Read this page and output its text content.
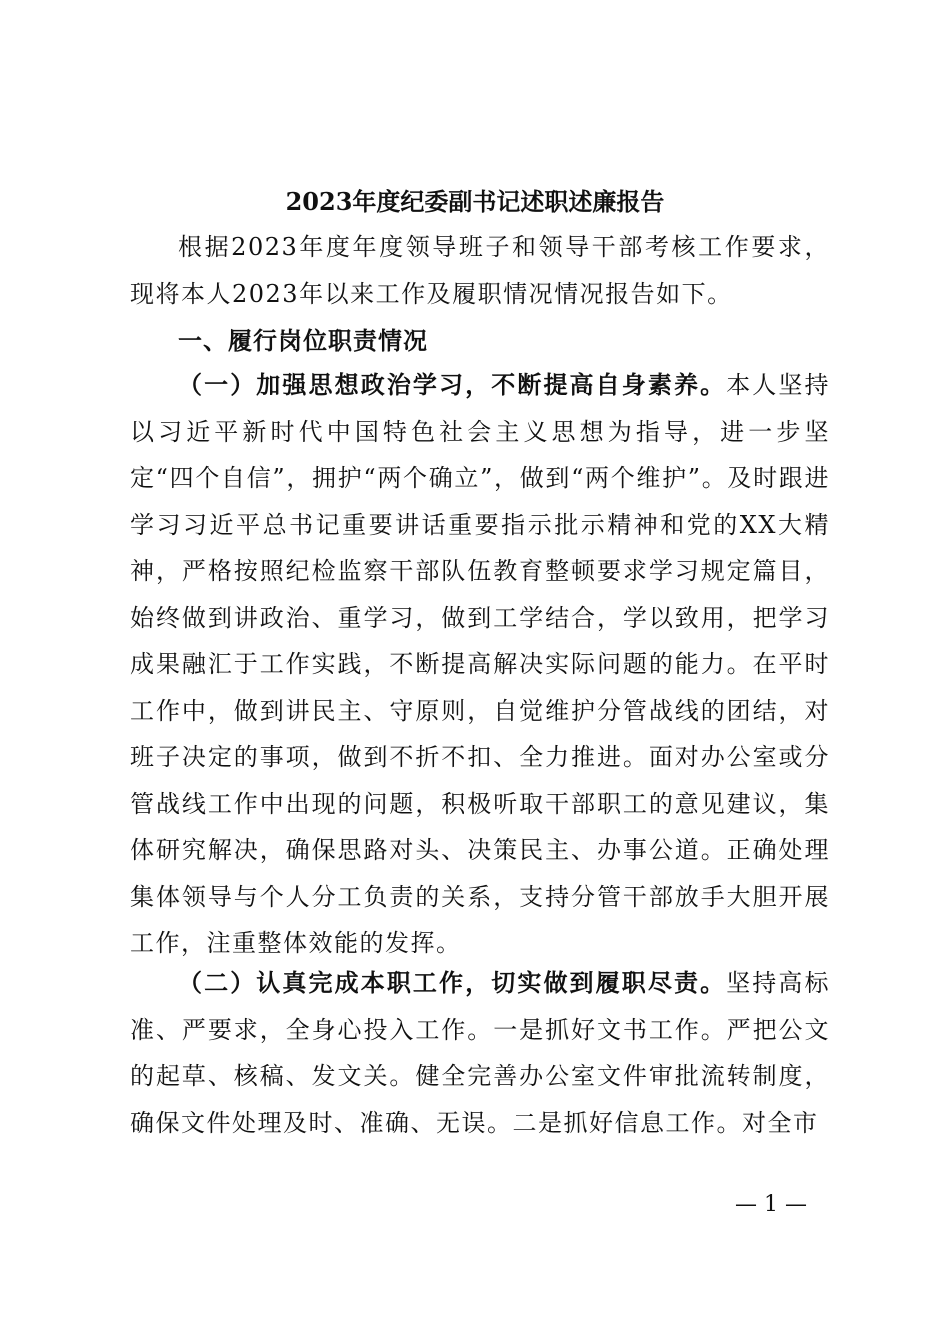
2023年度纪委副书记述职述廉报告

根据2023年度年度领导班子和领导干部考核工作要求，现将本人2023年以来工作及履职情况情况报告如下。

一、履行岗位职责情况

（一）加强思想政治学习，不断提高自身素养。本人坚持以习近平新时代中国特色社会主义思想为指导，进一步坚定“四个自信”，拥护“两个确立”，做到“两个维护”。及时跟进学习习近平总书记重要讲话重要指示批示精神和党的XX大精神，严格按照纪检监察干部队伍教育整顿要求学习规定篇目，始终做到讲政治、重学习，做到工学结合，学以致用，把学习成果融汇于工作实践，不断提高解决实际问题的能力。在平时工作中，做到讲民主、守原则，自觉维护分管战线的团结，对班子决定的事项，做到不折不扣、全力推进。面对办公室或分管战线工作中出现的问题，积极听取干部职工的意见建议，集体研究解决，确保思路对头、决策民主、办事公道。正确处理集体领导与个人分工负责的关系，支持分管干部放手大胆开展工作，注重整体效能的发挥。

（二）认真完成本职工作，切实做到履职尽责。坚持高标准、严要求，全身心投入工作。一是抓好文书工作。严把公文的起草、核稿、发文关。健全完善办公室文件审批流转制度，确保文件处理及时、准确、无误。二是抓好信息工作。对全市

— 1 —
